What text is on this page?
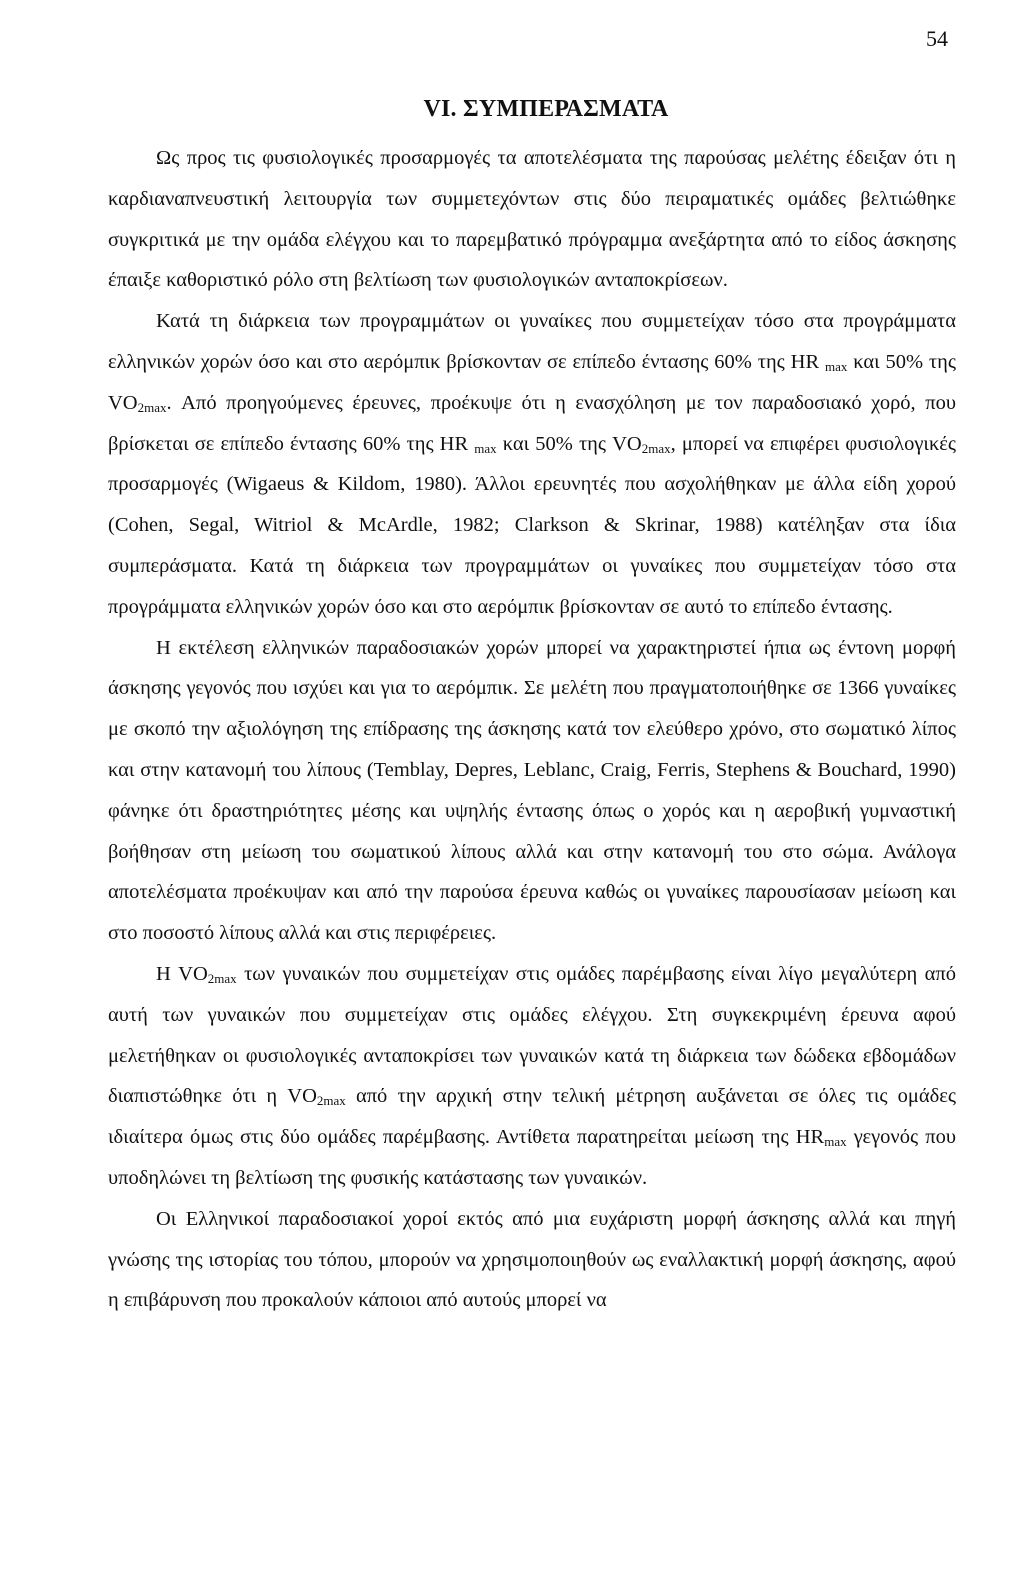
54
VI. ΣΥΜΠΕΡΑΣΜΑΤΑ

Ως προς τις φυσιολογικές προσαρμογές τα αποτελέσματα της παρούσας μελέτης έδειξαν ότι η καρδιαναπνευστική λειτουργία των συμμετεχόντων στις δύο πειραματικές ομάδες βελτιώθηκε συγκριτικά με την ομάδα ελέγχου και το παρεμβατικό πρόγραμμα ανεξάρτητα από το είδος άσκησης έπαιξε καθοριστικό ρόλο στη βελτίωση των φυσιολογικών ανταποκρίσεων.

Κατά τη διάρκεια των προγραμμάτων οι γυναίκες που συμμετείχαν τόσο στα προγράμματα ελληνικών χορών όσο και στο αερόμπικ βρίσκονταν σε επίπεδο έντασης 60% της HR $_{max}$ και 50% της $VO_{2max}$. Από προηγούμενες έρευνες, προέκυψε ότι η ενασχόληση με τον παραδοσιακό χορό, που βρίσκεται σε επίπεδο έντασης 60% της HR $_{max}$ και 50% της $VO_{2max}$, μπορεί να επιφέρει φυσιολογικές προσαρμογές (Wigaeus & Kildom, 1980). Άλλοι ερευνητές που ασχολήθηκαν με άλλα είδη χορού (Cohen, Segal, Witriol & McArdle, 1982; Clarkson & Skrinar, 1988) κατέληξαν στα ίδια συμπεράσματα. Κατά τη διάρκεια των προγραμμάτων οι γυναίκες που συμμετείχαν τόσο στα προγράμματα ελληνικών χορών όσο και στο αερόμπικ βρίσκονταν σε αυτό το επίπεδο έντασης.

Η εκτέλεση ελληνικών παραδοσιακών χορών μπορεί να χαρακτηριστεί ήπια ως έντονη μορφή άσκησης γεγονός που ισχύει και για το αερόμπικ. Σε μελέτη που πραγματοποιήθηκε σε 1366 γυναίκες με σκοπό την αξιολόγηση της επίδρασης της άσκησης κατά τον ελεύθερο χρόνο, στο σωματικό λίπος και στην κατανομή του λίπους (Temblay, Depres, Leblanc, Craig, Ferris, Stephens & Bouchard, 1990) φάνηκε ότι δραστηριότητες μέσης και υψηλής έντασης όπως ο χορός και η αεροβική γυμναστική βοήθησαν στη μείωση του σωματικού λίπους αλλά και στην κατανομή του στο σώμα. Ανάλογα αποτελέσματα προέκυψαν και από την παρούσα έρευνα καθώς οι γυναίκες παρουσίασαν μείωση και στο ποσοστό λίπους αλλά και στις περιφέρειες.

Η $VO_{2max}$ των γυναικών που συμμετείχαν στις ομάδες παρέμβασης είναι λίγο μεγαλύτερη από αυτή των γυναικών που συμμετείχαν στις ομάδες ελέγχου. Στη συγκεκριμένη έρευνα αφού μελετήθηκαν οι φυσιολογικές ανταποκρίσει των γυναικών κατά τη διάρκεια των δώδεκα εβδομάδων διαπιστώθηκε ότι η $VO_{2max}$ από την αρχική στην τελική μέτρηση αυξάνεται σε όλες τις ομάδες ιδιαίτερα όμως στις δύο ομάδες παρέμβασης. Αντίθετα παρατηρείται μείωση της $HR_{max}$ γεγονός που υποδηλώνει τη βελτίωση της φυσικής κατάστασης των γυναικών.

Οι Ελληνικοί παραδοσιακοί χοροί εκτός από μια ευχάριστη μορφή άσκησης αλλά και πηγή γνώσης της ιστορίας του τόπου, μπορούν να χρησιμοποιηθούν ως εναλλακτική μορφή άσκησης, αφού η επιβάρυνση που προκαλούν κάποιοι από αυτούς μπορεί να
